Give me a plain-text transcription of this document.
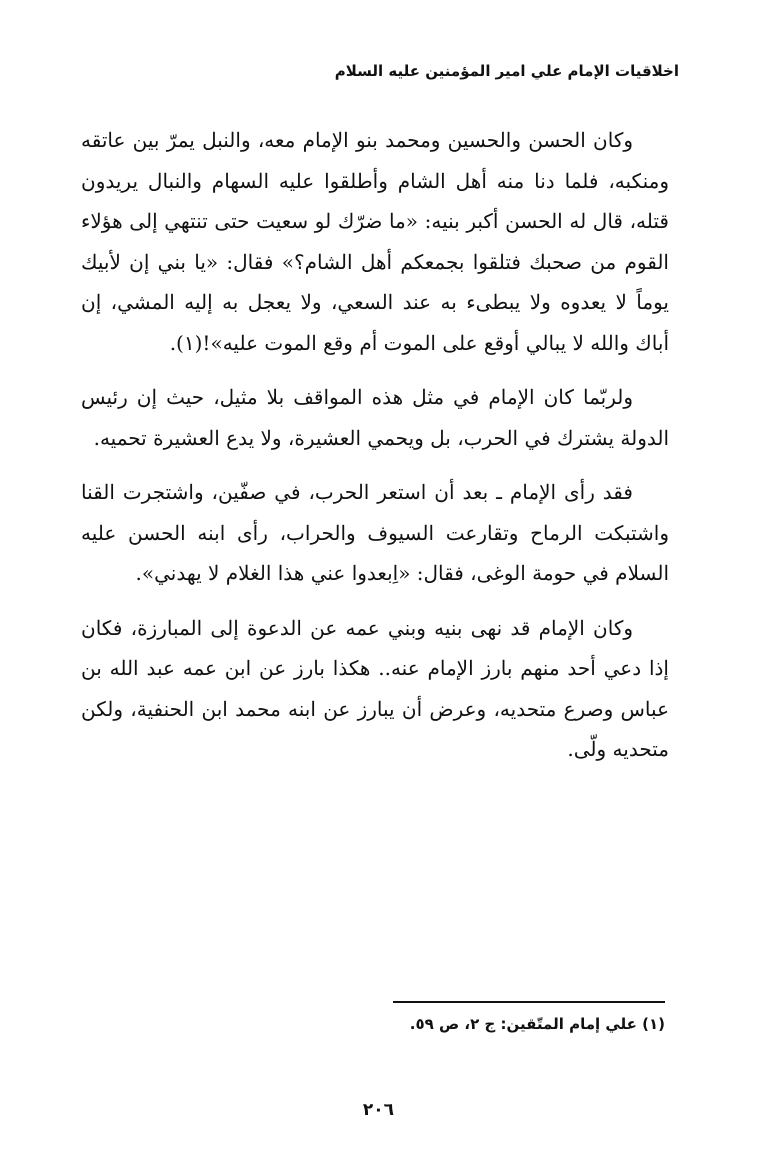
اخلاقيات الإمام علي امير المؤمنين عليه السلام

وكان الحسن والحسين ومحمد بنو الإمام معه، والنبل يمرّ بين عاتقه ومنكبه، فلما دنا منه أهل الشام وأطلقوا عليه السهام والنبال يريدون قتله، قال له الحسن أكبر بنيه: «ما ضرّك لو سعيت حتى تنتهي إلى هؤلاء القوم من صحبك فتلقوا بجمعكم أهل الشام؟» فقال: «يا بني إن لأبيك يوماً لا يعدوه ولا يبطىء به عند السعي، ولا يعجل به إليه المشي، إن أباك والله لا يبالي أوقع على الموت أم وقع الموت عليه»!(١).

ولربّما كان الإمام في مثل هذه المواقف بلا مثيل، حيث إن رئيس الدولة يشترك في الحرب، بل ويحمي العشيرة، ولا يدع العشيرة تحميه.

فقد رأى الإمام ـ بعد أن استعر الحرب، في صفّين، واشتجرت القنا واشتبكت الرماح وتقارعت السيوف والحراب، رأى ابنه الحسن عليه السلام في حومة الوغى، فقال: «اِبعدوا عني هذا الغلام لا يهدني».

وكان الإمام قد نهى بنيه وبني عمه عن الدعوة إلى المبارزة، فكان إذا دعي أحد منهم بارز الإمام عنه.. هكذا بارز عن ابن عمه عبد الله بن عباس وصرع متحديه، وعرض أن يبارز عن ابنه محمد ابن الحنفية، ولكن متحديه ولّى.

(١) علي إمام المتّقين: ج ٢، ص ٥٩.
٢٠٦
